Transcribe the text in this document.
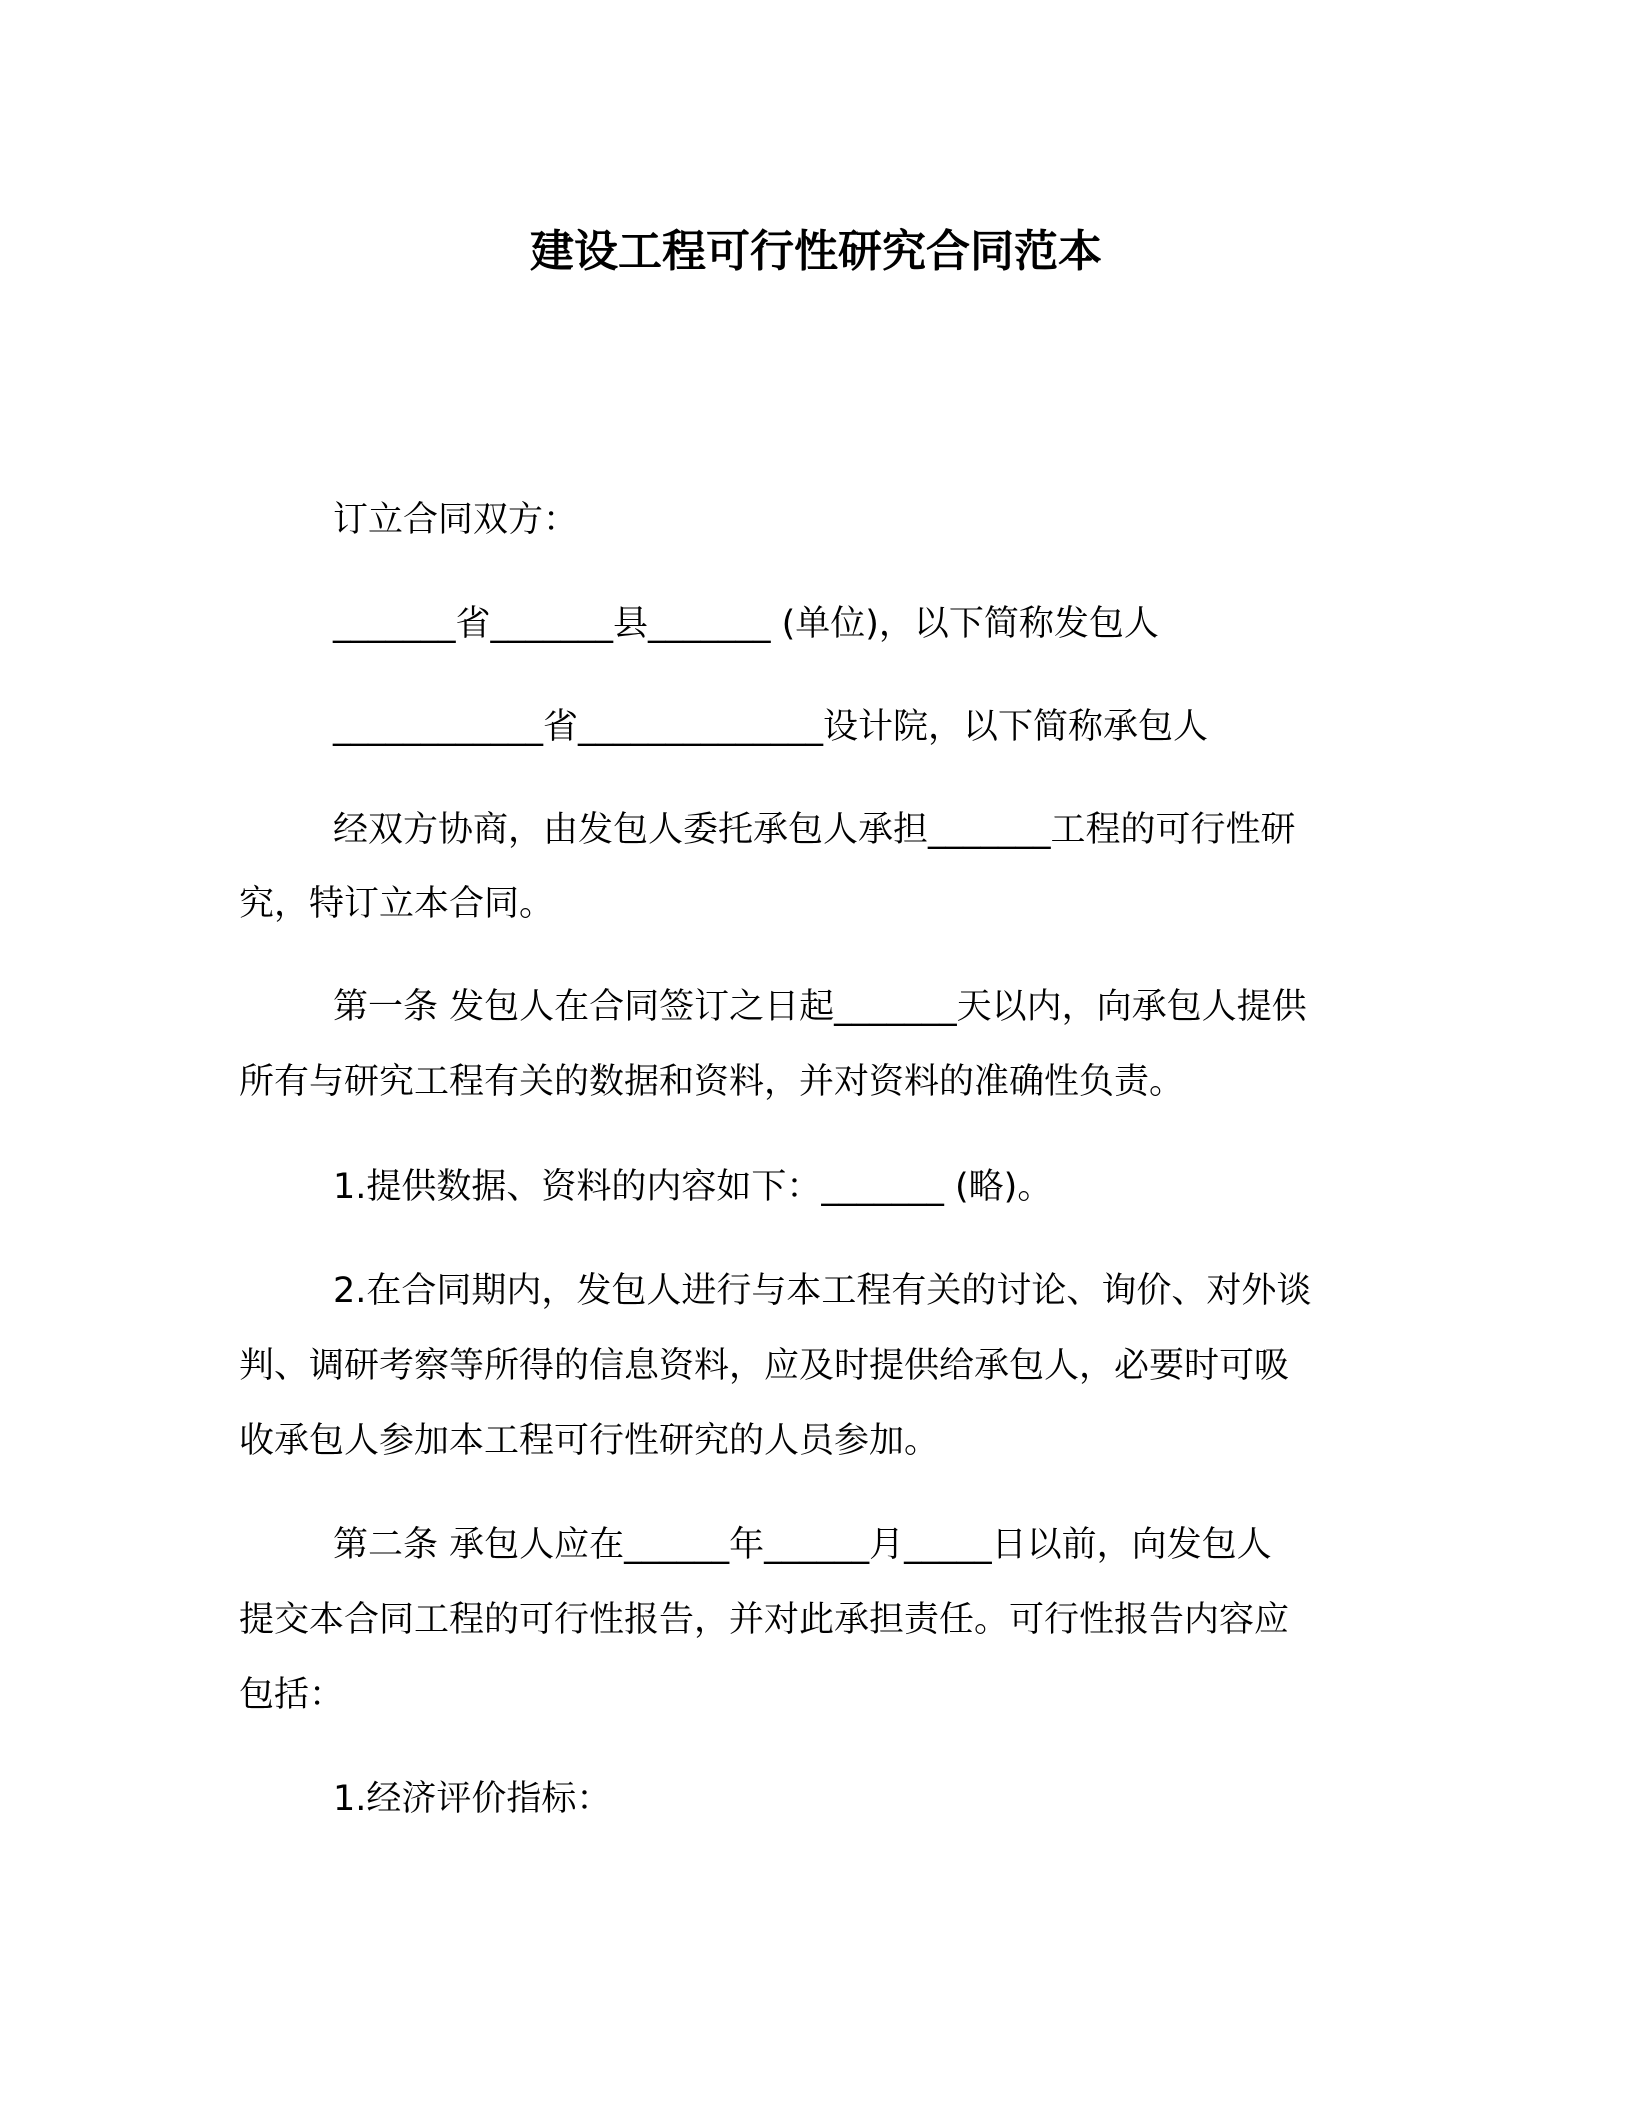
建设工程可行性研究合同范本
订立合同双方：
_______省_______县_______ (单位)，以下简称发包人
____________省______________设计院，以下简称承包人
经双方协商，由发包人委托承包人承担_______工程的可行性研
究，特订立本合同。
第一条 发包人在合同签订之日起_______天以内，向承包人提供
所有与研究工程有关的数据和资料，并对资料的准确性负责。
1.提供数据、资料的内容如下：_______ (略)。
2.在合同期内，发包人进行与本工程有关的讨论、询价、对外谈
判、调研考察等所得的信息资料，应及时提供给承包人，必要时可吸
收承包人参加本工程可行性研究的人员参加。
第二条 承包人应在______年______月_____日以前，向发包人
提交本合同工程的可行性报告，并对此承担责任。可行性报告内容应
包括：
1.经济评价指标：
